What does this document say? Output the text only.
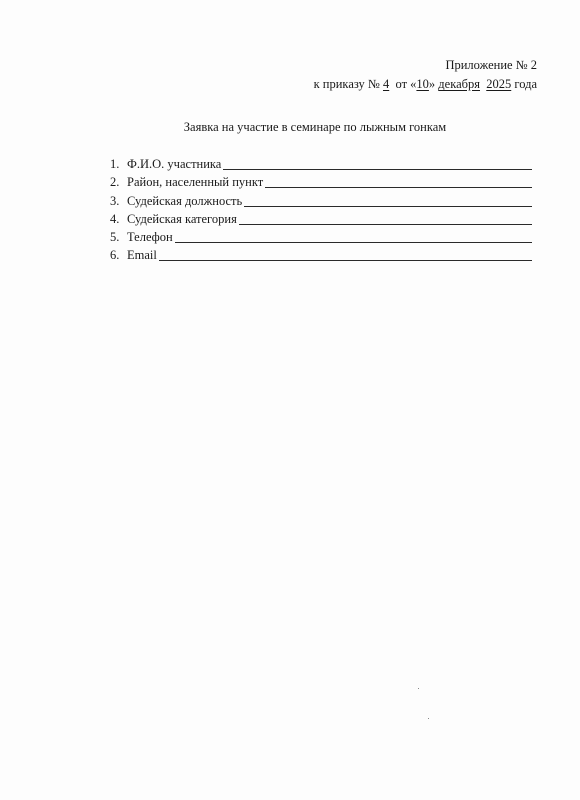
Приложение № 2
к приказу № 4 от «10» декабря 2025 года
Заявка на участие в семинаре по лыжным гонкам
1. Ф.И.О. участника
2. Район, населенный пункт
3. Судейская должность
4. Судейская категория
5. Телефон
6. Email
